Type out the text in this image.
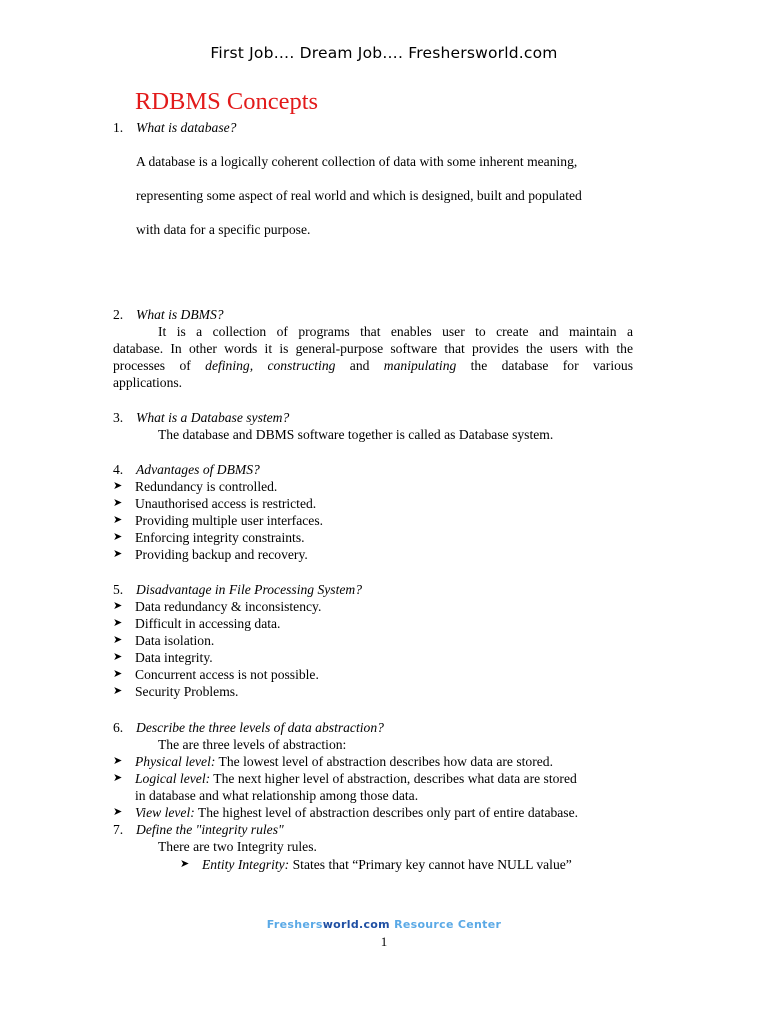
First Job…. Dream Job…. Freshersworld.com
RDBMS Concepts
1. What is database?
A database is a logically coherent collection of data with some inherent meaning,
representing some aspect of real world and which is designed, built and populated
with data for a specific purpose.
2. What is DBMS?
It is a collection of programs that enables user to create and maintain a
database. In other words it is general-purpose software that provides the users with the
processes of defining, constructing and manipulating the database for various
applications.
3. What is a Database system?
The database and DBMS software together is called as Database system.
4. Advantages of DBMS?
➤ Redundancy is controlled.
➤ Unauthorised access is restricted.
➤ Providing multiple user interfaces.
➤ Enforcing integrity constraints.
➤ Providing backup and recovery.
5. Disadvantage in File Processing System?
➤ Data redundancy & inconsistency.
➤ Difficult in accessing data.
➤ Data isolation.
➤ Data integrity.
➤ Concurrent access is not possible.
➤ Security Problems.
6. Describe the three levels of data abstraction?
The are three levels of abstraction:
➤ Physical level: The lowest level of abstraction describes how data are stored.
➤ Logical level: The next higher level of abstraction, describes what data are stored
in database and what relationship among those data.
➤ View level: The highest level of abstraction describes only part of entire database.
7. Define the "integrity rules"
There are two Integrity rules.
➤ Entity Integrity: States that “Primary key cannot have NULL value”
Freshersworld.com Resource Center
1
